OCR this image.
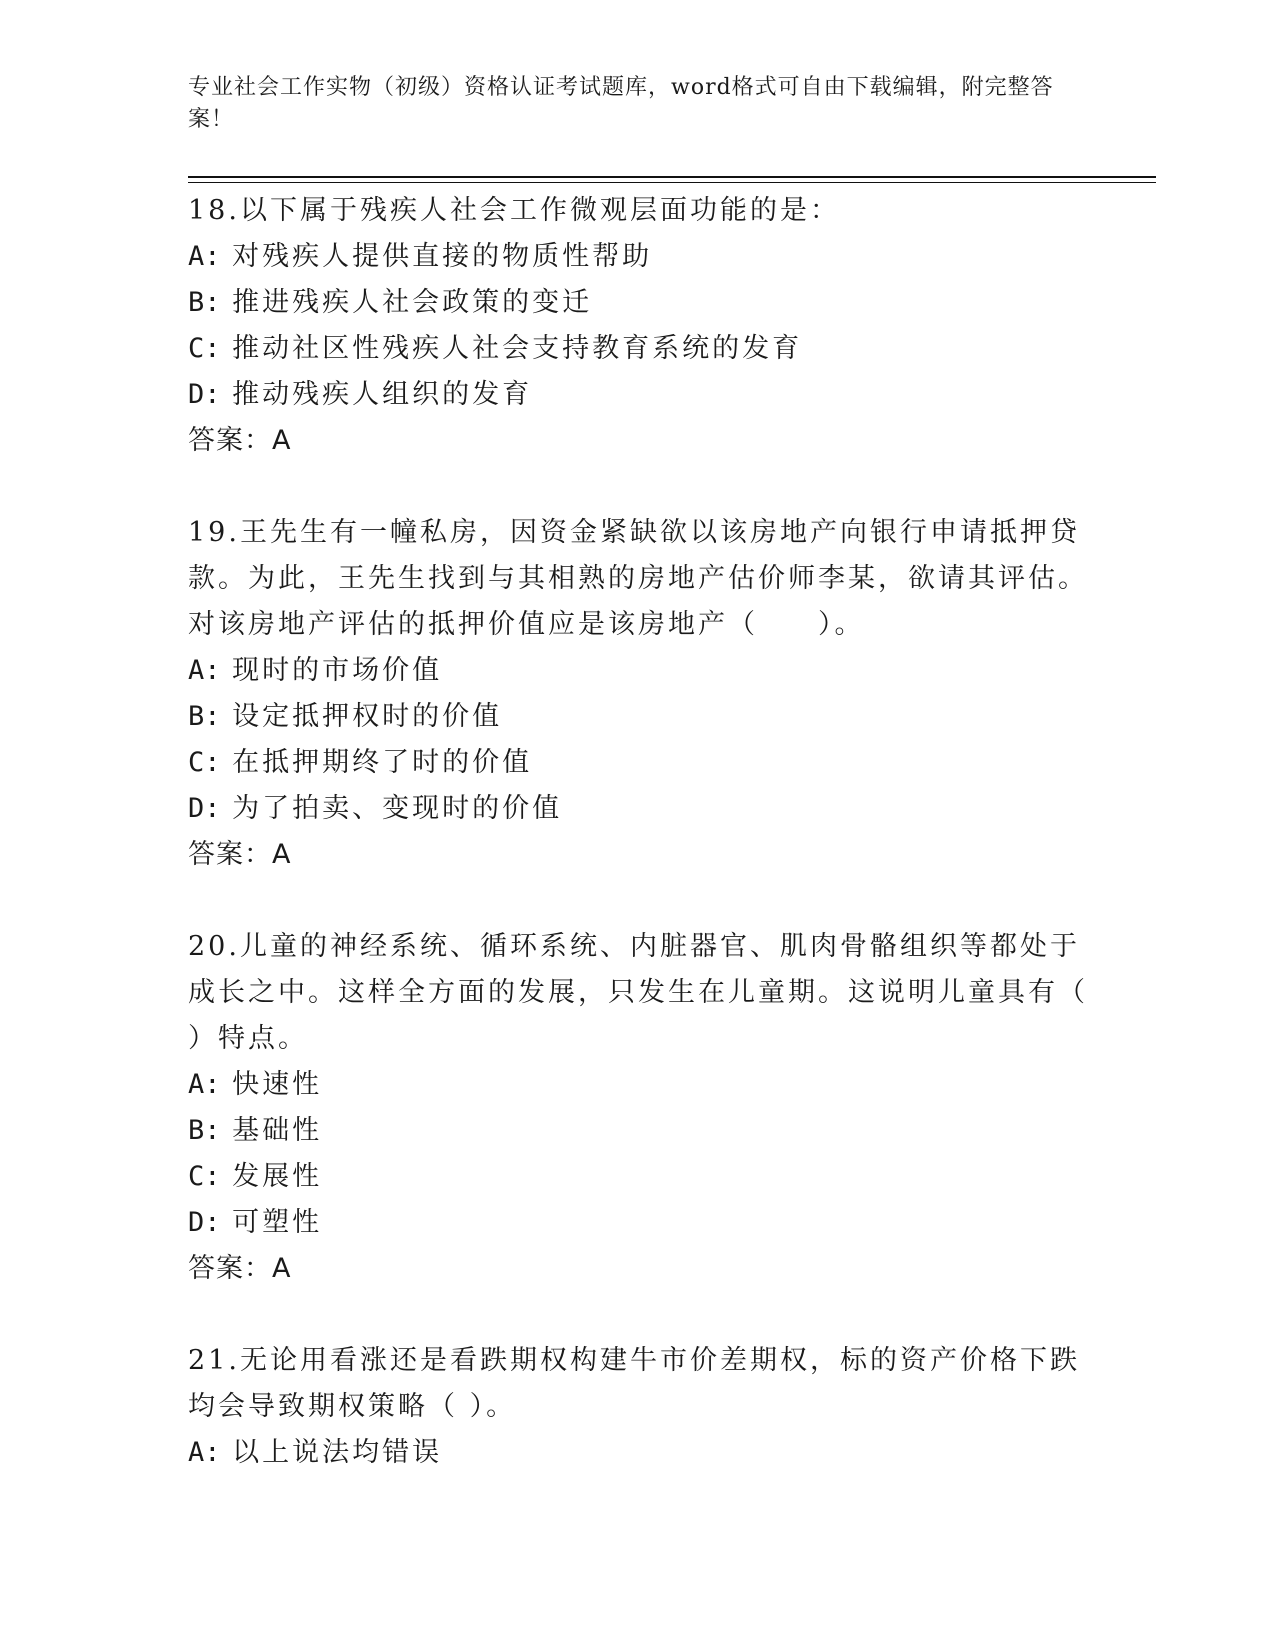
专业社会工作实物（初级）资格认证考试题库，word格式可自由下载编辑，附完整答案！

18.以下属于残疾人社会工作微观层面功能的是：

A: 对残疾人提供直接的物质性帮助

B: 推进残疾人社会政策的变迁

C: 推动社区性残疾人社会支持教育系统的发育

D: 推动残疾人组织的发育

答案：A

19.王先生有一幢私房，因资金紧缺欲以该房地产向银行申请抵押贷款。为此，王先生找到与其相熟的房地产估价师李某，欲请其评估。对该房地产评估的抵押价值应是该房地产（　　）。

A: 现时的市场价值

B: 设定抵押权时的价值

C: 在抵押期终了时的价值

D: 为了拍卖、变现时的价值

答案：A

20.儿童的神经系统、循环系统、内脏器官、肌肉骨骼组织等都处于成长之中。这样全方面的发展，只发生在儿童期。这说明儿童具有（ ）特点。

A: 快速性

B: 基础性

C: 发展性

D: 可塑性

答案：A

21.无论用看涨还是看跌期权构建牛市价差期权，标的资产价格下跌均会导致期权策略（ ）。

A: 以上说法均错误
